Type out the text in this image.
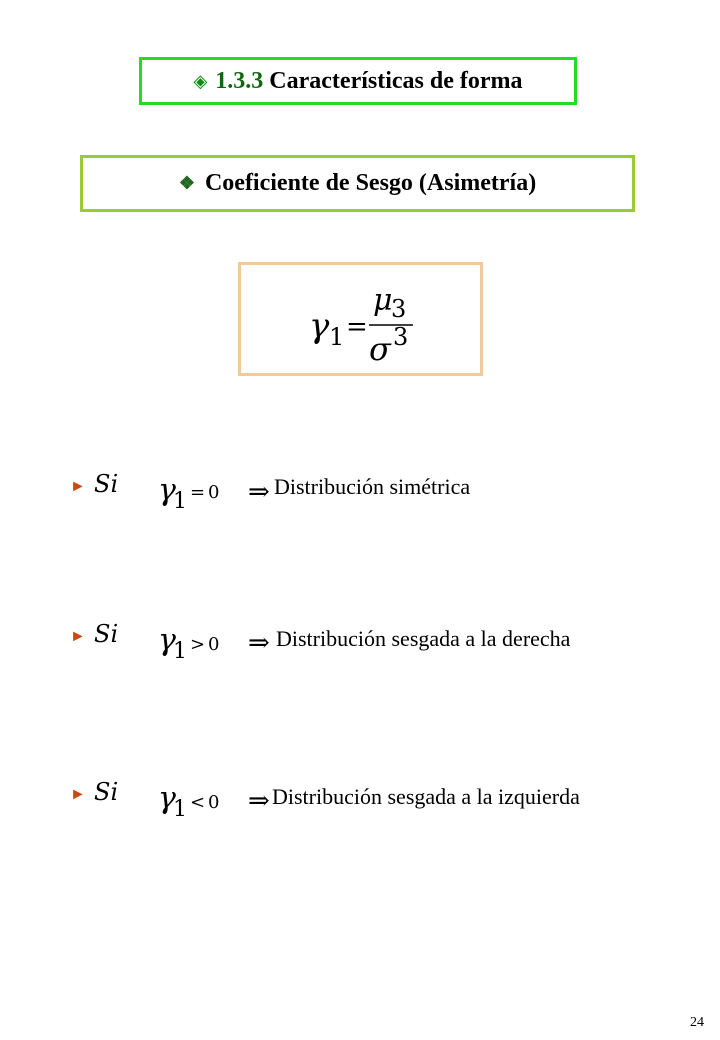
◈ 1.3.3 Características de forma
❖ Coeficiente de Sesgo (Asimetría)
γ 1 =
μ
3
σ 3
► Si γ
1 = 0 ⇒ Distribución simétrica
► Si γ
1 > 0 ⇒ Distribución sesgada a la derecha
► Si γ
1 < 0 ⇒ Distribución sesgada a la izquierda
24
